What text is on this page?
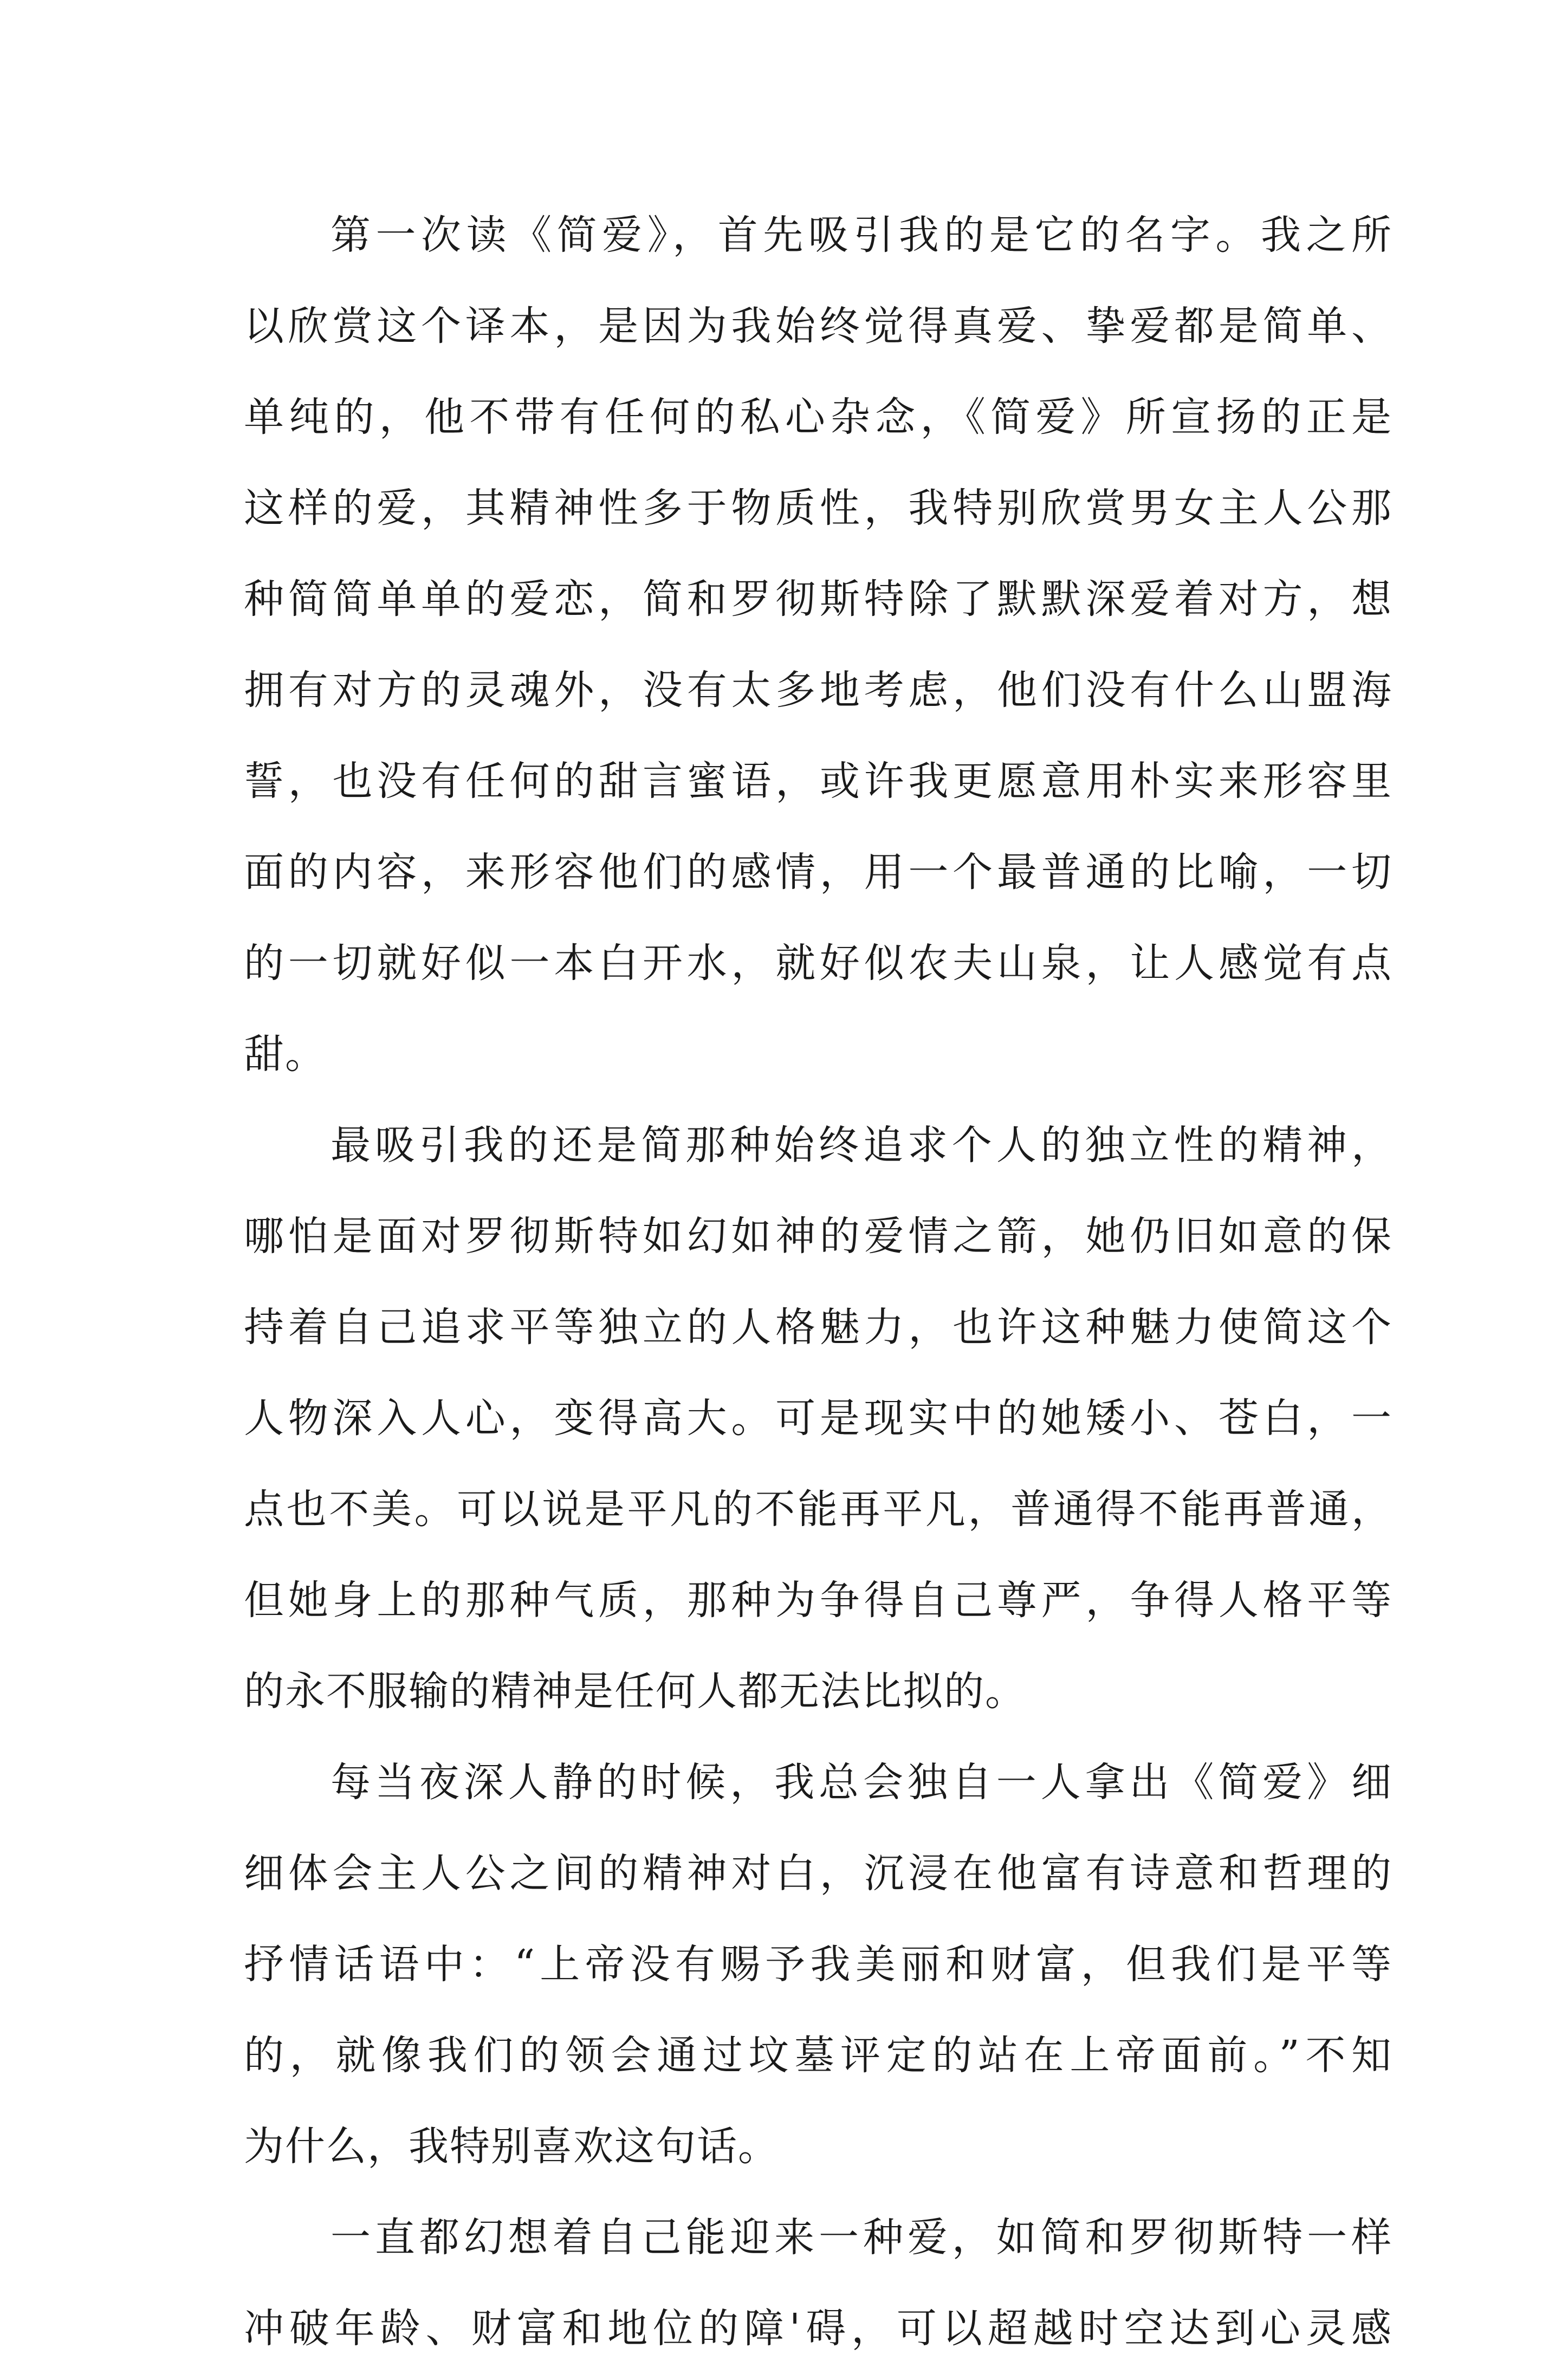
第一次读《简爱》，首先吸引我的是它的名字。我之所
以欣赏这个译本，是因为我始终觉得真爱、挚爱都是简单、
单纯的，他不带有任何的私心杂念，《简爱》所宣扬的正是
这样的爱，其精神性多于物质性，我特别欣赏男女主人公那
种简简单单的爱恋，简和罗彻斯特除了默默深爱着对方，想
拥有对方的灵魂外，没有太多地考虑，他们没有什么山盟海
誓，也没有任何的甜言蜜语，或许我更愿意用朴实来形容里
面的内容，来形容他们的感情，用一个最普通的比喻，一切
的一切就好似一本白开水，就好似农夫山泉，让人感觉有点
甜。
最吸引我的还是简那种始终追求个人的独立性的精神，
哪怕是面对罗彻斯特如幻如神的爱情之箭，她仍旧如意的保
持着自己追求平等独立的人格魅力，也许这种魅力使简这个
人物深入人心，变得高大。可是现实中的她矮小、苍白，一
点也不美。可以说是平凡的不能再平凡，普通得不能再普通，
但她身上的那种气质，那种为争得自己尊严，争得人格平等
的永不服输的精神是任何人都无法比拟的。
每当夜深人静的时候，我总会独自一人拿出《简爱》细
细体会主人公之间的精神对白，沉浸在他富有诗意和哲理的
抒情话语中：“上帝没有赐予我美丽和财富，但我们是平等
的，就像我们的领会通过坟墓评定的站在上帝面前。”不知
为什么，我特别喜欢这句话。
一直都幻想着自己能迎来一种爱，如简和罗彻斯特一样
冲破年龄、财富和地位的障'碍，可以超越时空达到心灵感
